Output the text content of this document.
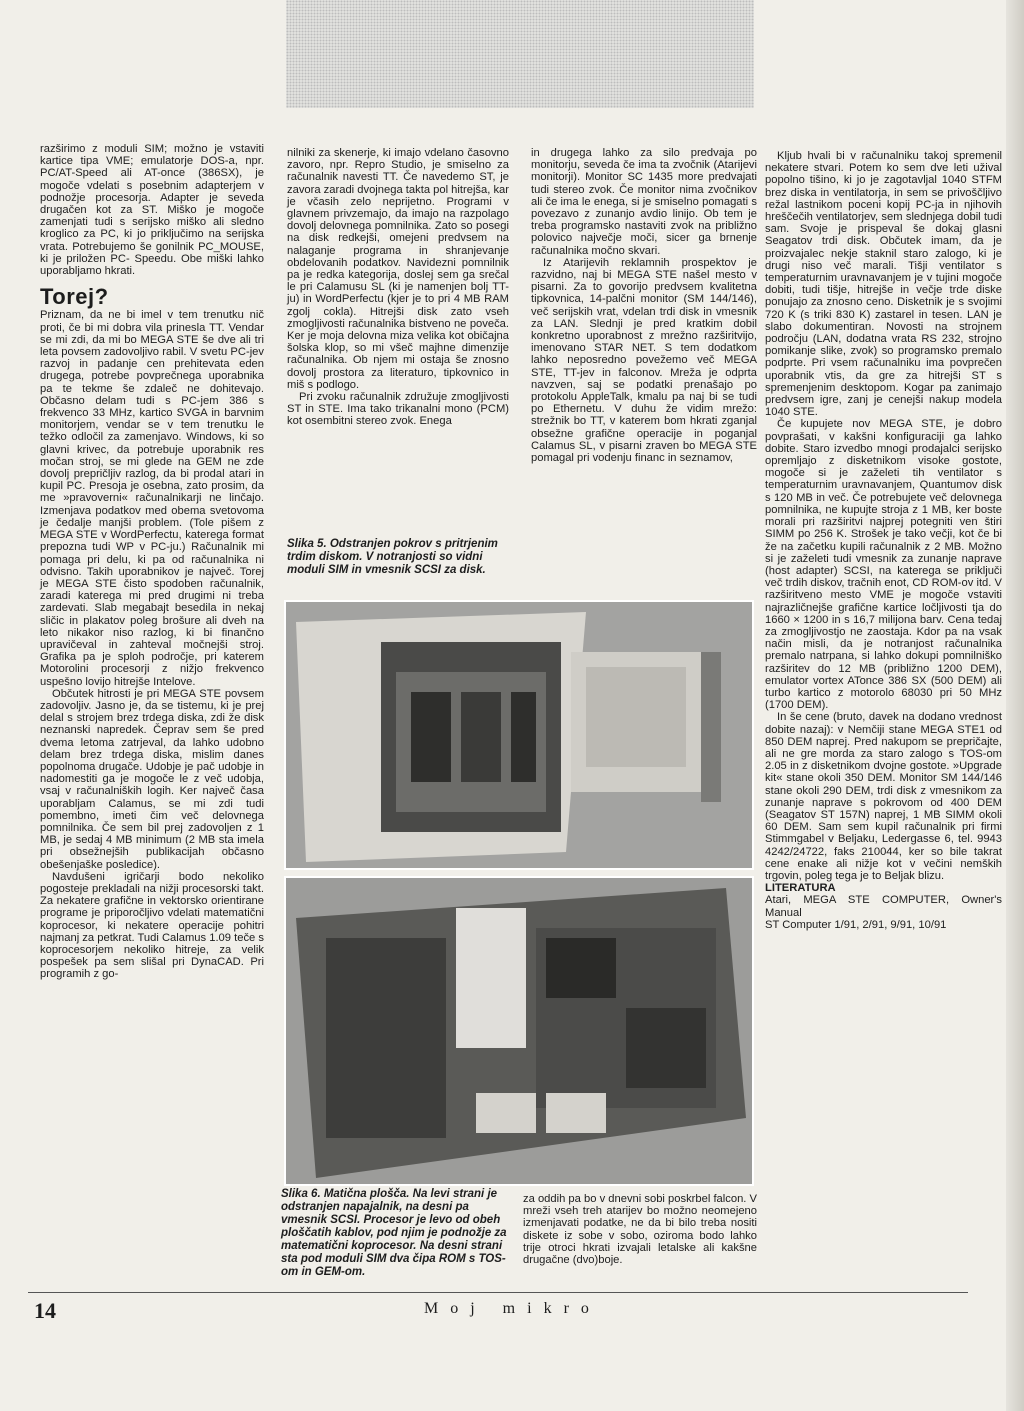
razširimo z moduli SIM; možno je vstaviti kartice tipa VME; emulatorje DOS-a, npr. PC/AT-Speed ali AT-once (386SX), je mogoče vdelati s posebnim adapterjem v podnožje procesorja. Adapter je seveda drugačen kot za ST. Miško je mogoče zamenjati tudi s serijsko miško ali sledno kroglico za PC, ki jo priključimo na serijska vrata. Potrebujemo še gonilnik PC_MOUSE, ki je priložen PC- Speedu. Obe miški lahko uporabljamo hkrati.

Torej?

Priznam, da ne bi imel v tem trenutku nič proti, če bi mi dobra vila prinesla TT. Vendar se mi zdi, da mi bo MEGA STE še dve ali tri leta povsem zadovoljivo rabil. V svetu PC-jev razvoj in padanje cen prehitevata eden drugega, potrebe povprečnega uporabnika pa te tekme še zdaleč ne dohitevajo. Občasno delam tudi s PC-jem 386 s frekvenco 33 MHz, kartico SVGA in barvnim monitorjem, vendar se v tem trenutku le težko odločil za zamenjavo. Windows, ki so glavni krivec, da potrebuje uporabnik res močan stroj, se mi glede na GEM ne zde dovolj prepričljiv razlog, da bi prodal atari in kupil PC. Presoja je osebna, zato prosim, da me »pravoverni« računalnikarji ne linčajo. Izmenjava podatkov med obema svetovoma je čedalje manjši problem. (Tole pišem z MEGA STE v WordPerfectu, katerega format prepozna tudi WP v PC-ju.) Računalnik mi pomaga pri delu, ki pa od računalnika ni odvisno. Takih uporabnikov je največ. Torej je MEGA STE čisto spodoben računalnik, zaradi katerega mi pred drugimi ni treba zardevati. Slab megabajt besedila in nekaj sličic in plakatov poleg brošure ali dveh na leto nikakor niso razlog, ki bi finančno upravičeval in zahteval močnejši stroj. Grafika pa je sploh področje, pri katerem Motorolini procesorji z nižjo frekvenco uspešno lovijo hitrejše Intelove.

Občutek hitrosti je pri MEGA STE povsem zadovoljiv. Jasno je, da se tistemu, ki je prej delal s strojem brez trdega diska, zdi že disk neznanski napredek. Čeprav sem še pred dvema letoma zatrjeval, da lahko udobno delam brez trdega diska, mislim danes popolnoma drugače. Udobje je pač udobje in nadomestiti ga je mogoče le z več udobja, vsaj v računalniških logih. Ker največ časa uporabljam Calamus, se mi zdi tudi pomembno, imeti čim več delovnega pomnilnika. Če sem bil prej zadovoljen z 1 MB, je sedaj 4 MB minimum (2 MB sta imela pri obsežnejših publikacijah občasno obešenjaške posledice).

Navdušeni igričarji bodo nekoliko pogosteje prekladali na nižji procesorski takt. Za nekatere grafične in vektorsko orientirane programe je priporočljivo vdelati matematični koprocesor, ki nekatere operacije pohitri najmanj za petkrat. Tudi Calamus 1.09 teče s koprocesorjem nekoliko hitreje, za velik pospešek pa sem slišal pri DynaCAD. Pri programih z go-

nilniki za skenerje, ki imajo vdelano časovno zavoro, npr. Repro Studio, je smiselno za računalnik navesti TT. Če navedemo ST, je zavora zaradi dvojnega takta pol hitrejša, kar je včasih zelo neprijetno. Programi v glavnem privzemajo, da imajo na razpolago dovolj delovnega pomnilnika. Zato so posegi na disk redkejši, omejeni predvsem na nalaganje programa in shranjevanje obdelovanih podatkov. Navidezni pomnilnik pa je redka kategorija, doslej sem ga srečal le pri Calamusu SL (ki je namenjen bolj TT-ju) in WordPerfectu (kjer je to pri 4 MB RAM zgolj cokla). Hitrejši disk zato vseh zmogljivosti računalnika bistveno ne poveča. Ker je moja delovna miza velika kot običajna šolska klop, so mi všeč majhne dimenzije računalnika. Ob njem mi ostaja še znosno dovolj prostora za literaturo, tipkovnico in miš s podlogo.

Pri zvoku računalnik združuje zmogljivosti ST in STE. Ima tako trikanalni mono (PCM) kot osembitni stereo zvok. Enega

Slika 5. Odstranjen pokrov s pritrjenim trdim diskom. V notranjosti so vidni moduli SIM in vmesnik SCSI za disk.

in drugega lahko za silo predvaja po monitorju, seveda če ima ta zvočnik (Atarijevi monitorji). Monitor SC 1435 more predvajati tudi stereo zvok. Če monitor nima zvočnikov ali če ima le enega, si je smiselno pomagati s povezavo z zunanjo avdio linijo. Ob tem je treba programsko nastaviti zvok na približno polovico največje moči, sicer ga brnenje računalnika močno skvari.

Iz Atarijevih reklamnih prospektov je razvidno, naj bi MEGA STE našel mesto v pisarni. Za to govorijo predvsem kvalitetna tipkovnica, 14-palčni monitor (SM 144/146), več serijskih vrat, vdelan trdi disk in vmesnik za LAN. Slednji je pred kratkim dobil konkretno uporabnost z mrežno razširitvijo, imenovano STAR NET. S tem dodatkom lahko neposredno povežemo več MEGA STE, TT-jev in falconov. Mreža je odprta navzven, saj se podatki prenašajo po protokolu AppleTalk, kmalu pa naj bi se tudi po Ethernetu. V duhu že vidim mrežo: strežnik bo TT, v katerem bom hkrati zganjal obsežne grafične operacije in poganjal Calamus SL, v pisarni zraven bo MEGA STE pomagal pri vodenju financ in seznamov,

Slika 6. Matična plošča. Na levi strani je odstranjen napajalnik, na desni pa vmesnik SCSI. Procesor je levo od obeh ploščatih kablov, pod njim je podnožje za matematični koprocesor. Na desni strani sta pod moduli SIM dva čipa ROM s TOS-om in GEM-om.

za oddih pa bo v dnevni sobi poskrbel falcon. V mreži vseh treh atarijev bo možno neomejeno izmenjavati podatke, ne da bi bilo treba nositi diskete iz sobe v sobo, oziroma bodo lahko trije otroci hkrati izvajali letalske ali kakšne drugačne (dvo)boje.

Kljub hvali bi v računalniku takoj spremenil nekatere stvari. Potem ko sem dve leti užival popolno tišino, ki jo je zagotavljal 1040 STFM brez diska in ventilatorja, in sem se privoščljivo režal lastnikom poceni kopij PC-ja in njihovih hreščečih ventilatorjev, sem slednjega dobil tudi sam. Svoje je prispeval še dokaj glasni Seagatov trdi disk. Občutek imam, da je proizvajalec nekje staknil staro zalogo, ki je drugi niso več marali. Tišji ventilator s temperaturnim uravnavanjem je v tujini mogoče dobiti, tudi tišje, hitrejše in večje trde diske ponujajo za znosno ceno. Disketnik je s svojimi 720 K (s triki 830 K) zastarel in tesen. LAN je slabo dokumentiran. Novosti na strojnem področju (LAN, dodatna vrata RS 232, strojno pomikanje slike, zvok) so programsko premalo podprte. Pri vsem računalniku ima povprečen uporabnik vtis, da gre za hitrejši ST s spremenjenim desktopom. Kogar pa zanimajo predvsem igre, zanj je cenejši nakup modela 1040 STE.

Če kupujete nov MEGA STE, je dobro povprašati, v kakšni konfiguraciji ga lahko dobite. Staro izvedbo mnogi prodajalci serijsko opremljajo z disketnikom visoke gostote, mogoče si je zaželeti tih ventilator s temperaturnim uravnavanjem, Quantumov disk s 120 MB in več. Če potrebujete več delovnega pomnilnika, ne kupujte stroja z 1 MB, ker boste morali pri razširitvi najprej potegniti ven štiri SIMM po 256 K. Strošek je tako večji, kot če bi že na začetku kupili računalnik z 2 MB. Možno si je zaželeti tudi vmesnik za zunanje naprave (host adapter) SCSI, na katerega se priključi več trdih diskov, tračnih enot, CD ROM-ov itd. V razširitveno mesto VME je mogoče vstaviti najrazličnejše grafične kartice ločljivosti tja do 1660 × 1200 in s 16,7 milijona barv. Cena tedaj za zmogljivostjo ne zaostaja. Kdor pa na vsak način misli, da je notranjost računalnika premalo natrpana, si lahko dokupi pomnilniško razširitev do 12 MB (približno 1200 DEM), emulator vortex ATonce 386 SX (500 DEM) ali turbo kartico z motorolo 68030 pri 50 MHz (1700 DEM).

In še cene (bruto, davek na dodano vrednost dobite nazaj): v Nemčiji stane MEGA STE1 od 850 DEM naprej. Pred nakupom se prepričajte, ali ne gre morda za staro zalogo s TOS-om 2.05 in z disketnikom dvojne gostote. »Upgrade kit« stane okoli 350 DEM. Monitor SM 144/146 stane okoli 290 DEM, trdi disk z vmesnikom za zunanje naprave s pokrovom od 400 DEM (Seagatov ST 157N) naprej, 1 MB SIMM okoli 60 DEM. Sam sem kupil računalnik pri firmi Stimmgabel v Beljaku, Ledergasse 6, tel. 9943 4242/24722, faks 210044, ker so bile takrat cene enake ali nižje kot v večini nemških trgovin, poleg tega je to Beljak blizu.

LITERATURA

Atari, MEGA STE COMPUTER, Owner's Manual

ST Computer 1/91, 2/91, 9/91, 10/91

14	Moj mikro
